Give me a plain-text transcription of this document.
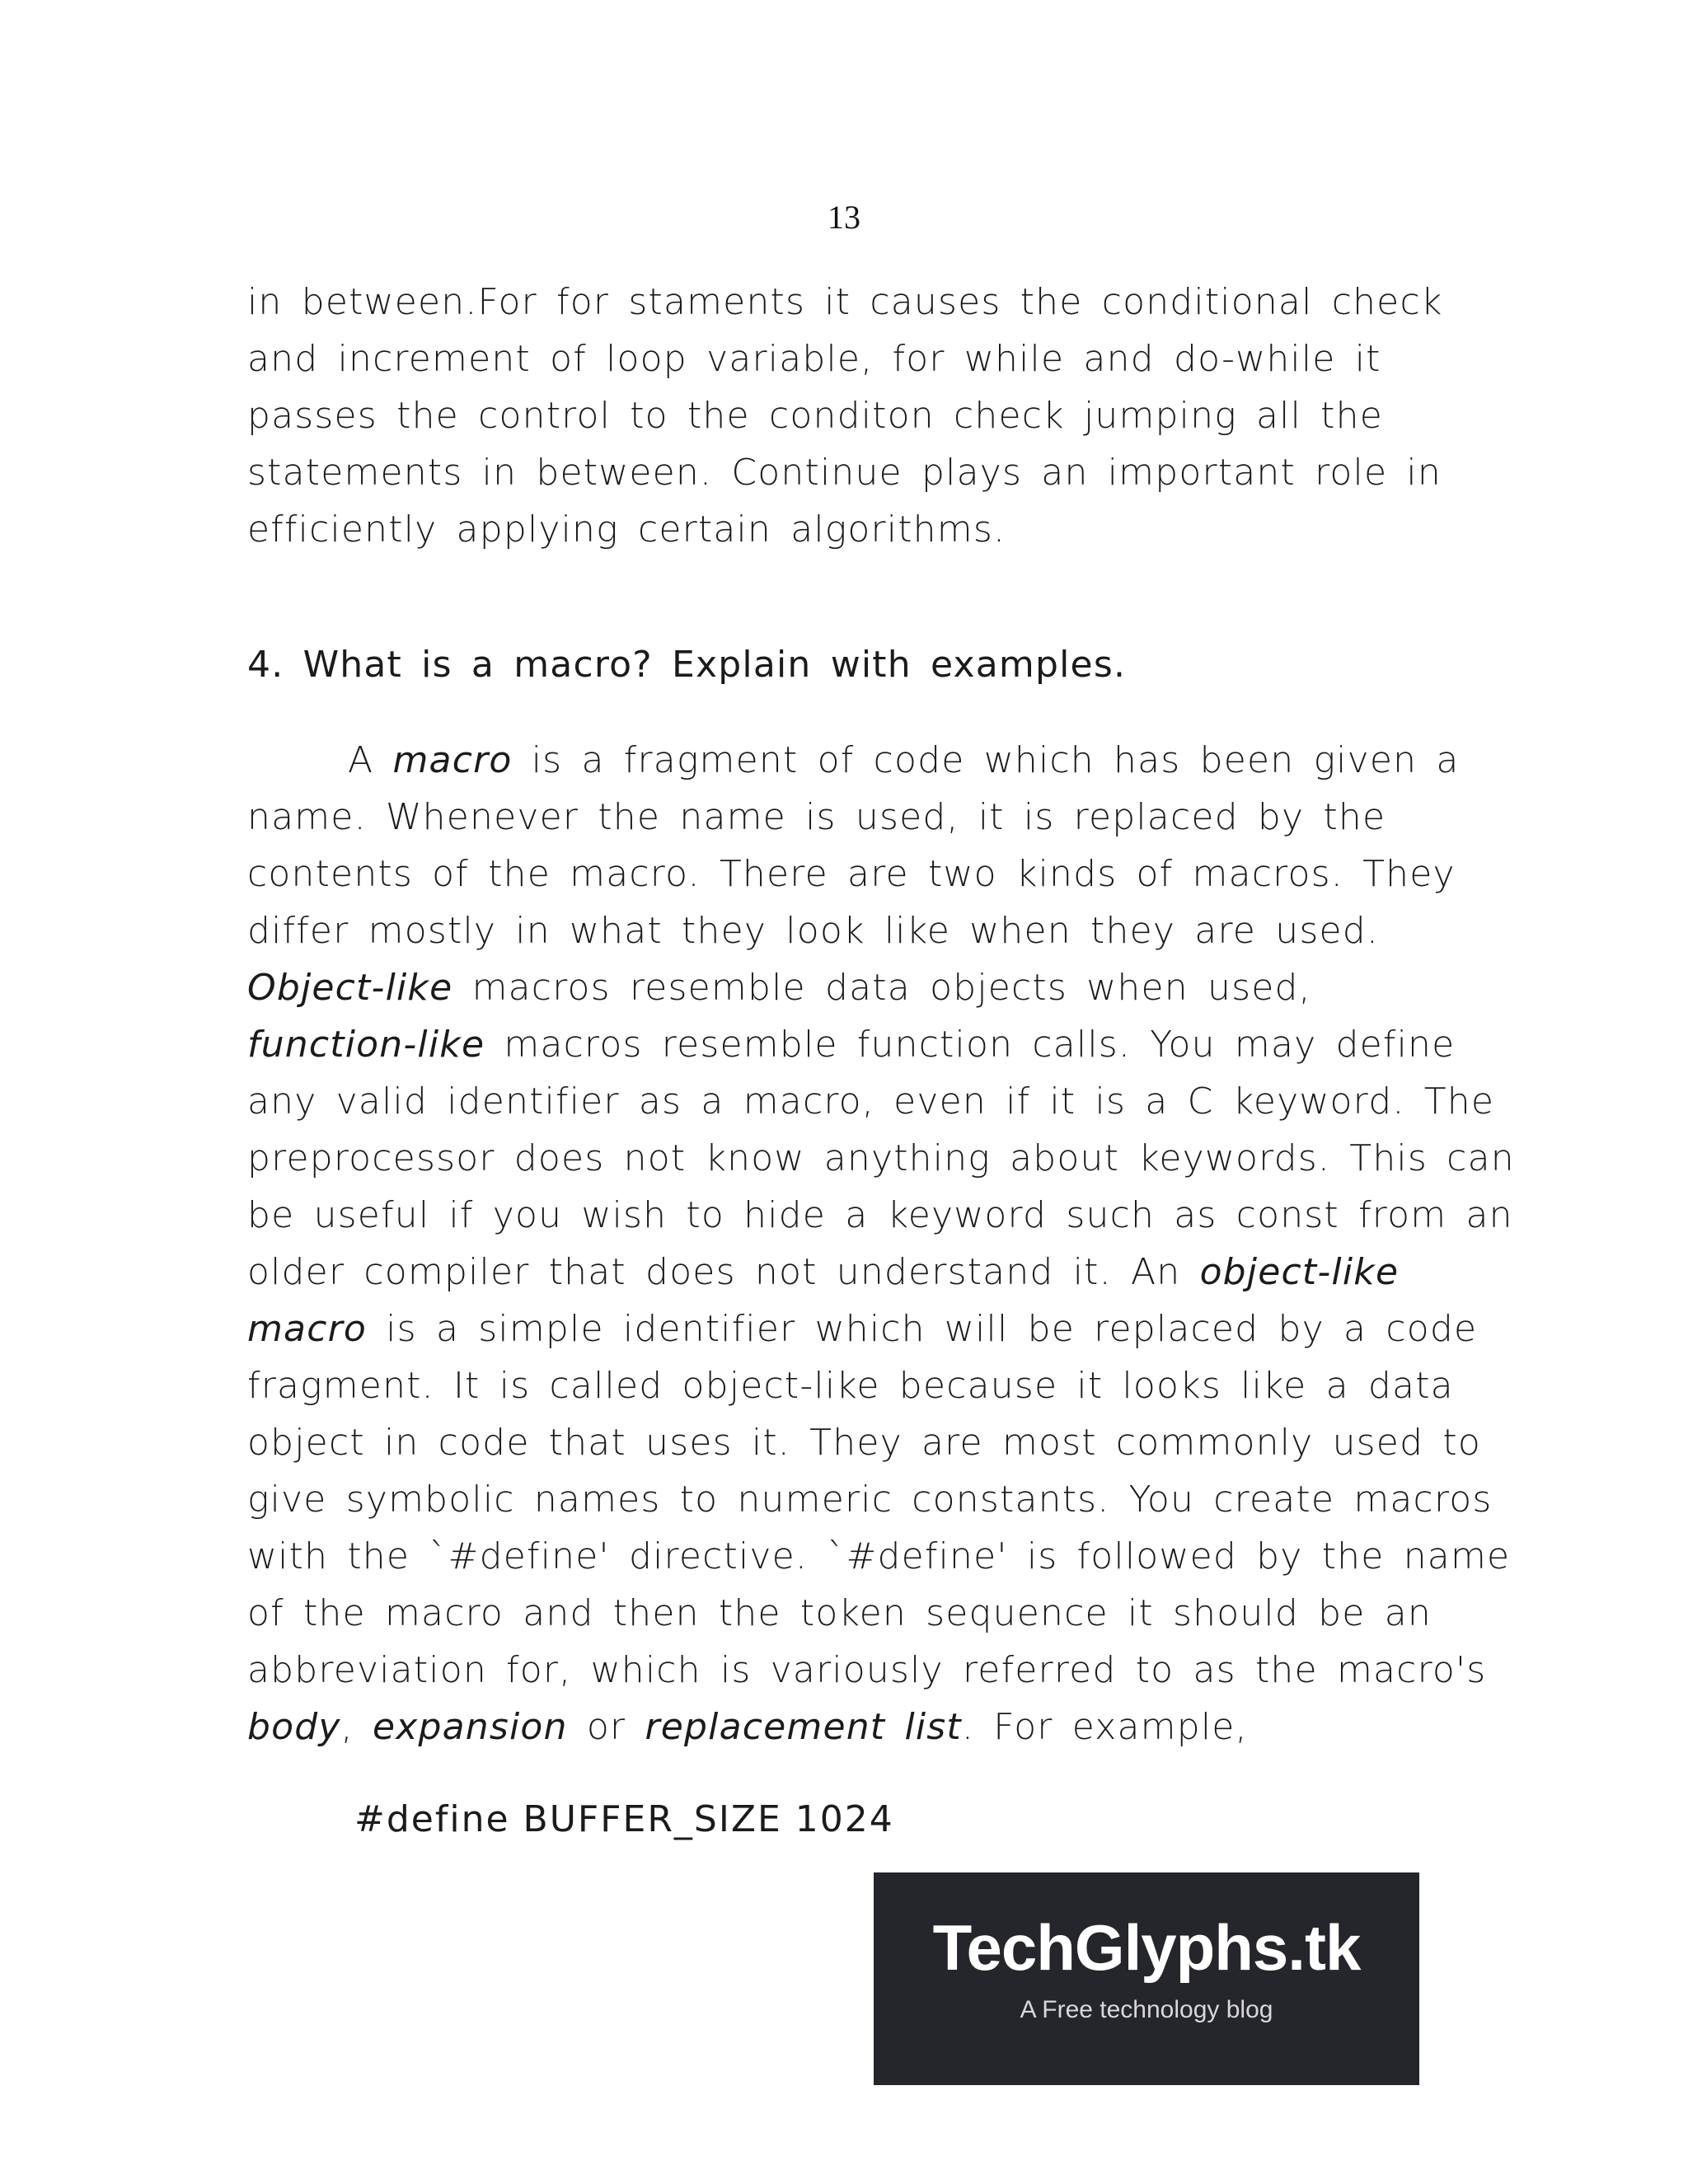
13
in between.For for staments it causes the conditional check
and increment of loop variable, for while and do-while it
passes the control to the conditon check jumping all the
statements in between. Continue plays an important role in
efficiently applying certain algorithms.
4. What is a macro? Explain with examples.
A macro is a fragment of code which has been given a
name. Whenever the name is used, it is replaced by the
contents of the macro. There are two kinds of macros. They
differ mostly in what they look like when they are used.
Object-like macros resemble data objects when used,
function-like macros resemble function calls. You may define
any valid identifier as a macro, even if it is a C keyword. The
preprocessor does not know anything about keywords. This can
be useful if you wish to hide a keyword such as const from an
older compiler that does not understand it. An object-like
macro is a simple identifier which will be replaced by a code
fragment. It is called object-like because it looks like a data
object in code that uses it. They are most commonly used to
give symbolic names to numeric constants. You create macros
with the `#define' directive. `#define' is followed by the name
of the macro and then the token sequence it should be an
abbreviation for, which is variously referred to as the macro's
body, expansion or replacement list. For example,
#define BUFFER_SIZE 1024
TechGlyphs.tk
A Free technology blog
